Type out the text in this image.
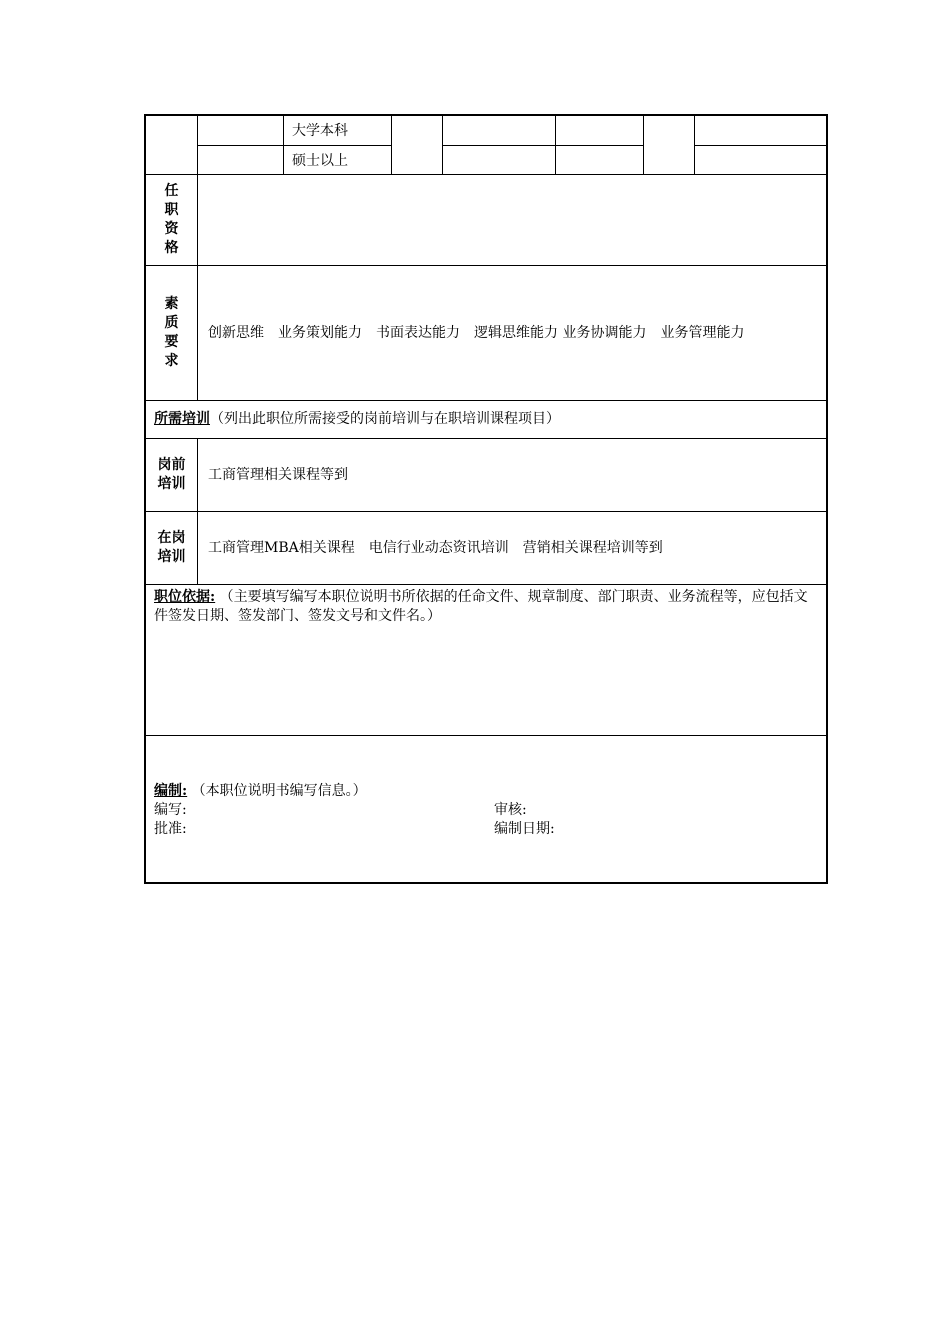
大学本科
硕士以上
任
职
资
格
素
质
要
求
创新思维　业务策划能力　书面表达能力　逻辑思维能力 业务协调能力　业务管理能力
所需培训 （列出此职位所需接受的岗前培训与在职培训课程项目）
岗前
培训
工商管理相关课程等到
在岗
培训
工商管理MBA相关课程　电信行业动态资讯培训　营销相关课程培训等到
职位依据: （主要填写编写本职位说明书所依据的任命文件、规章制度、部门职责、业务流程等，应包括文件签发日期、签发部门、签发文号和文件名。）
编制: （本职位说明书编写信息。）
编写:	审核:
批准:	编制日期:
